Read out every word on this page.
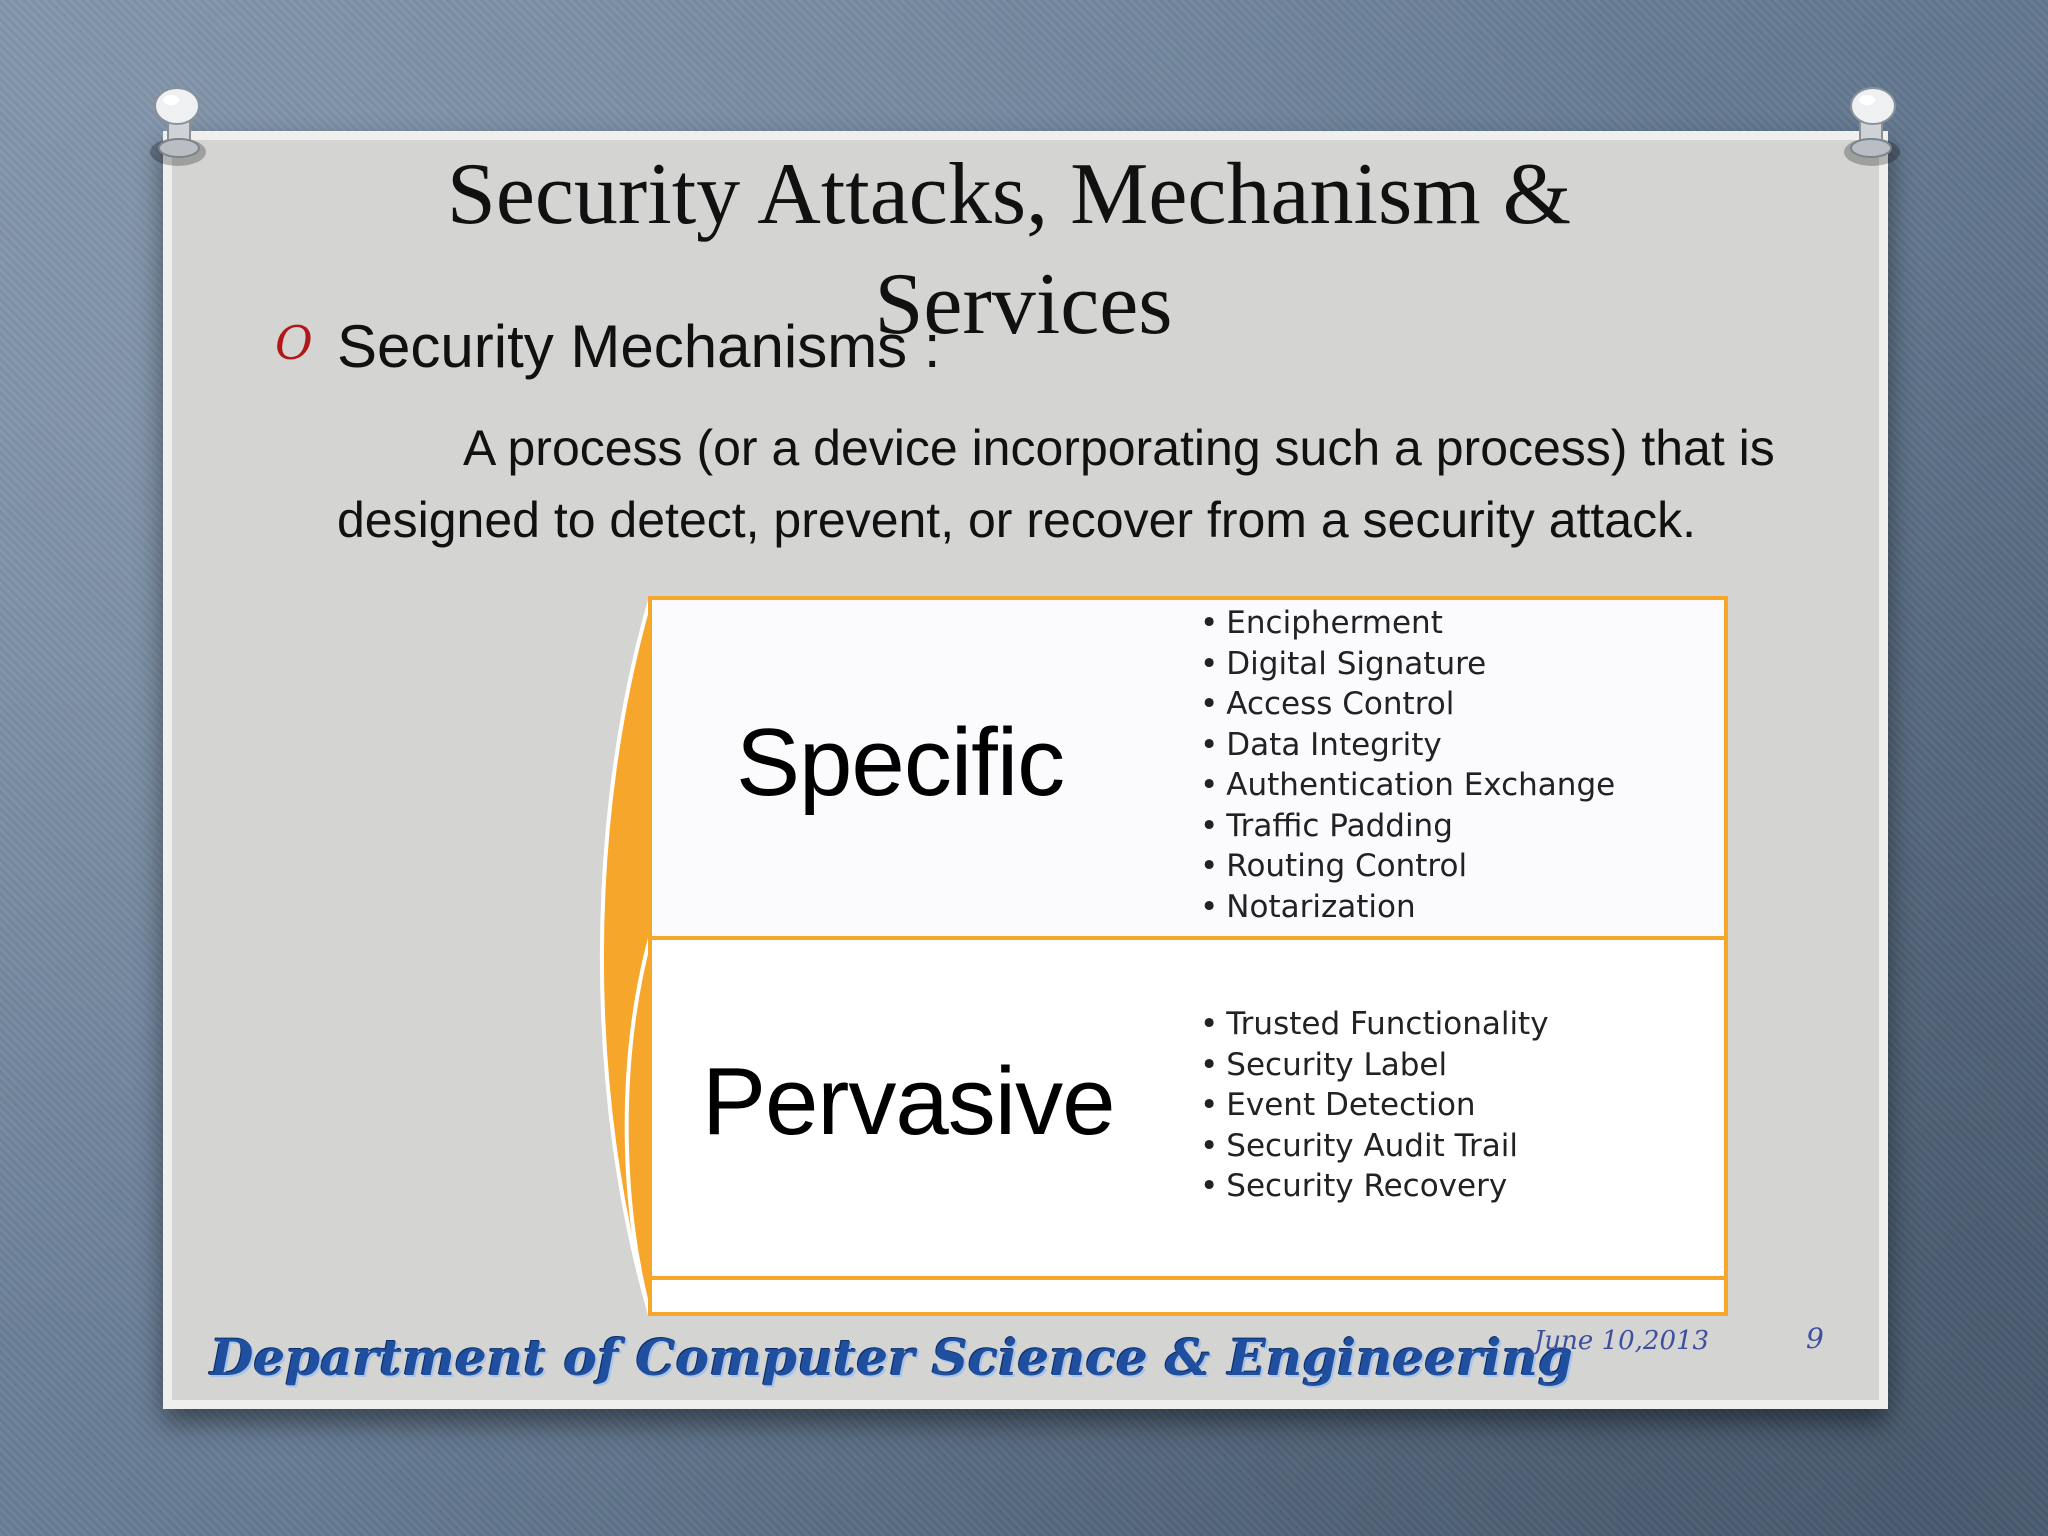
Security Attacks, Mechanism &
Services
O Security Mechanisms :
A process (or a device incorporating such a process) that is designed to detect, prevent, or recover from a security attack.
Specific
• Encipherment
• Digital Signature
• Access Control
• Data Integrity
• Authentication Exchange
• Traffic Padding
• Routing Control
• Notarization
Pervasive
• Trusted Functionality
• Security Label
• Event Detection
• Security Audit Trail
• Security Recovery
Department of Computer Science & Engineering
June 10,2013	9
